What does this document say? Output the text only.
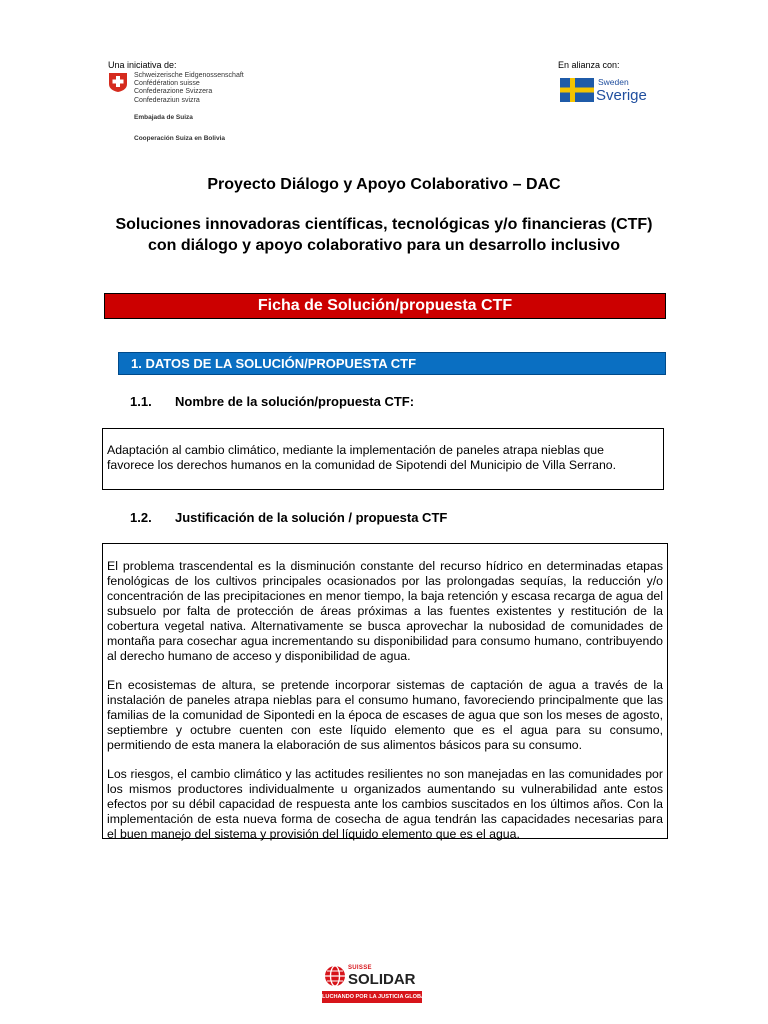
Una iniciativa de:
Schweizerische Eidgenossenschaft
Confédération suisse
Confederazione Svizzera
Confederaziun svizra
Embajada de Suiza
Cooperación Suiza en Bolivia
En alianza con:
Sweden
Sverige
Proyecto Diálogo y Apoyo Colaborativo – DAC
Soluciones innovadoras científicas, tecnológicas y/o financieras (CTF)
con diálogo y apoyo colaborativo para un desarrollo inclusivo
Ficha de Solución/propuesta CTF
1. DATOS DE LA SOLUCIÓN/PROPUESTA CTF
1.1. Nombre de la solución/propuesta CTF:
Adaptación al cambio climático, mediante la implementación de paneles atrapa nieblas que
favorece los derechos humanos en la comunidad de Sipotendi del Municipio de Villa Serrano.
1.2. Justificación de la solución / propuesta CTF

El problema trascendental es la disminución constante del recurso hídrico en determinadas etapas fenológicas de los cultivos principales ocasionados por las prolongadas sequías, la reducción y/o concentración de las precipitaciones en menor tiempo, la baja retención y escasa recarga de agua del subsuelo por falta de protección de áreas próximas a las fuentes existentes y restitución de la cobertura vegetal nativa. Alternativamente se busca aprovechar la nubosidad de comunidades de montaña para cosechar agua incrementando su disponibilidad para consumo humano, contribuyendo al derecho humano de acceso y disponibilidad de agua.

En ecosistemas de altura, se pretende incorporar sistemas de captación de agua a través de la instalación de paneles atrapa nieblas para el consumo humano, favoreciendo principalmente que las familias de la comunidad de Sipontedi en la época de escases de agua que son los meses de agosto, septiembre y octubre cuenten con este líquido elemento que es el agua para su consumo, permitiendo de esta manera la elaboración de sus alimentos básicos para su consumo.

Los riesgos, el cambio climático y las actitudes resilientes no son manejadas en las comunidades por los mismos productores individualmente u organizados aumentando su vulnerabilidad ante estos efectos por su débil capacidad de respuesta ante los cambios suscitados en los últimos años. Con la implementación de esta nueva forma de cosecha de agua tendrán las capacidades necesarias para el buen manejo del sistema y provisión del líquido elemento que es el agua.

SUISSE
SOLIDAR
LUCHANDO POR LA JUSTICIA GLOBAL
